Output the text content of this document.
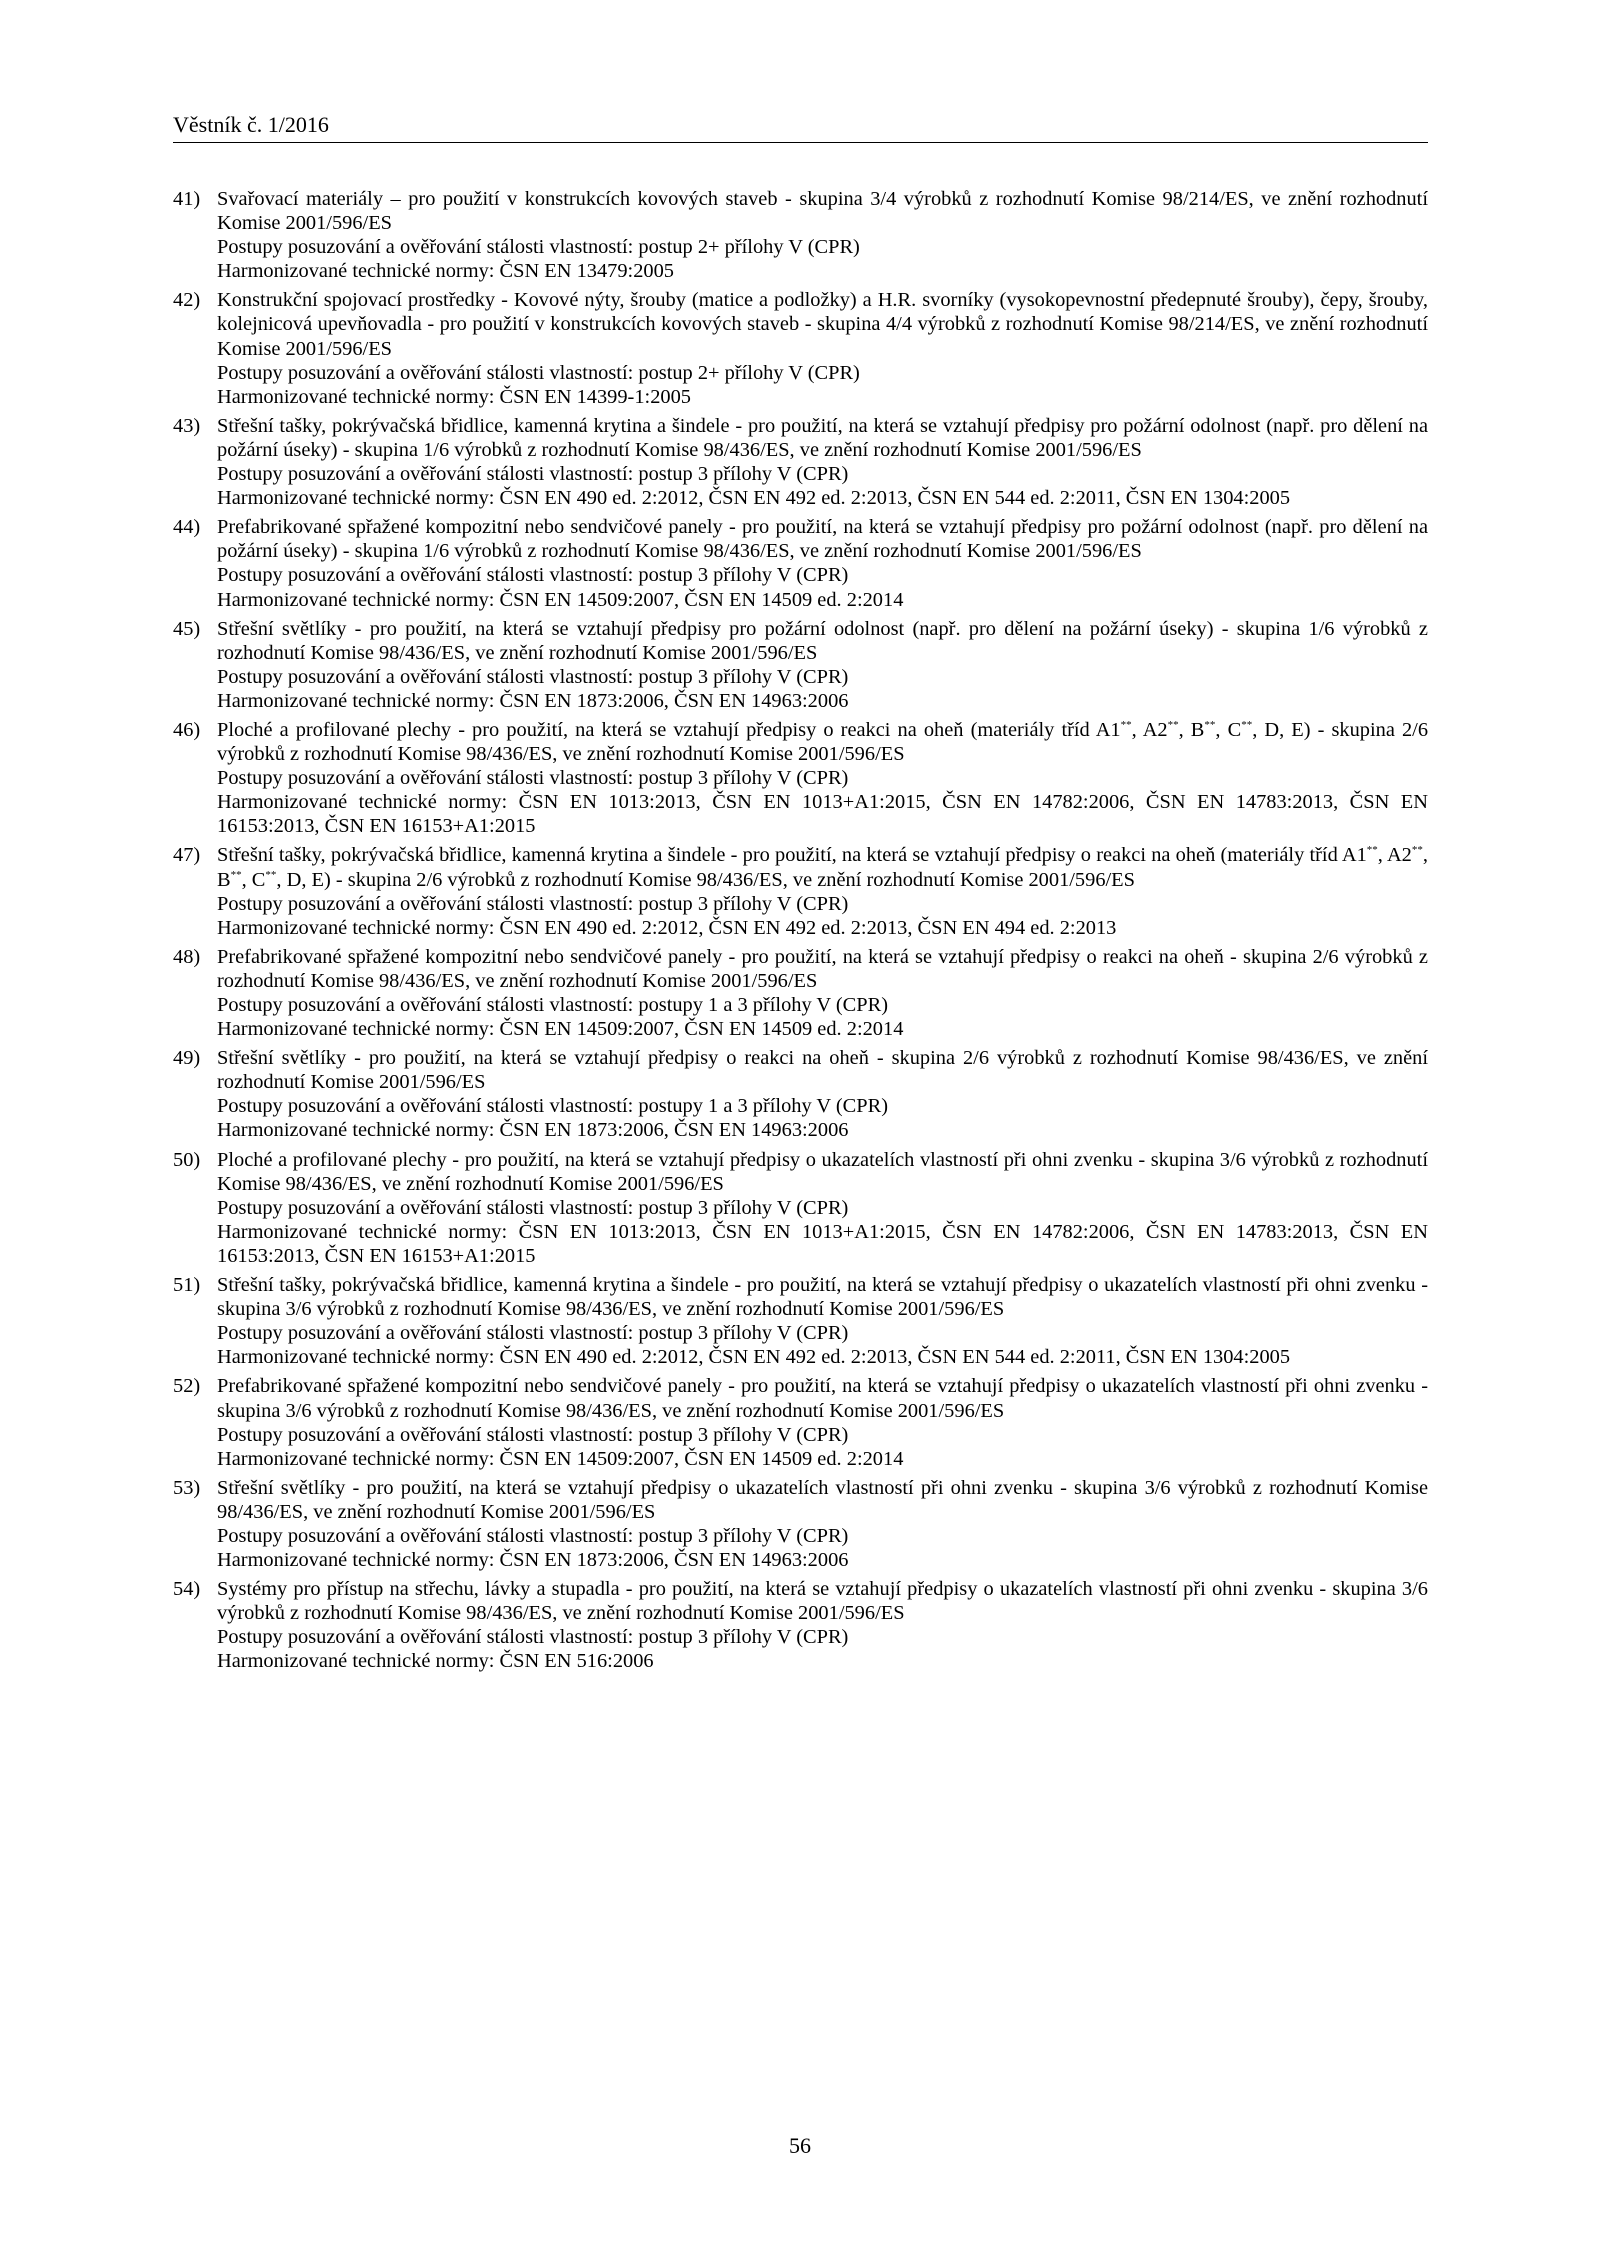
Věstník č. 1/2016
41) Svařovací materiály – pro použití v konstrukcích kovových staveb - skupina 3/4 výrobků z rozhodnutí Komise 98/214/ES, ve znění rozhodnutí Komise 2001/596/ES

Postupy posuzování a ověřování stálosti vlastností: postup 2+ přílohy V (CPR)

Harmonizované technické normy: ČSN EN 13479:2005

42) Konstrukční spojovací prostředky - Kovové nýty, šrouby (matice a podložky) a H.R. svorníky (vysokopevnostní předepnuté šrouby), čepy, šrouby, kolejnicová upevňovadla - pro použití v konstrukcích kovových staveb - skupina 4/4 výrobků z rozhodnutí Komise 98/214/ES, ve znění rozhodnutí Komise 2001/596/ES

Postupy posuzování a ověřování stálosti vlastností: postup 2+ přílohy V (CPR)

Harmonizované technické normy: ČSN EN 14399-1:2005

43) Střešní tašky, pokrývačská břidlice, kamenná krytina a šindele - pro použití, na která se vztahují předpisy pro požární odolnost (např. pro dělení na požární úseky) - skupina 1/6 výrobků z rozhodnutí Komise 98/436/ES, ve znění rozhodnutí Komise 2001/596/ES

Postupy posuzování a ověřování stálosti vlastností: postup 3 přílohy V (CPR)

Harmonizované technické normy: ČSN EN 490 ed. 2:2012, ČSN EN 492 ed. 2:2013, ČSN EN 544 ed. 2:2011, ČSN EN 1304:2005

44) Prefabrikované spřažené kompozitní nebo sendvičové panely - pro použití, na která se vztahují předpisy pro požární odolnost (např. pro dělení na požární úseky) - skupina 1/6 výrobků z rozhodnutí Komise 98/436/ES, ve znění rozhodnutí Komise 2001/596/ES

Postupy posuzování a ověřování stálosti vlastností: postup 3 přílohy V (CPR)

Harmonizované technické normy: ČSN EN 14509:2007, ČSN EN 14509 ed. 2:2014

45) Střešní světlíky - pro použití, na která se vztahují předpisy pro požární odolnost (např. pro dělení na požární úseky) - skupina 1/6 výrobků z rozhodnutí Komise 98/436/ES, ve znění rozhodnutí Komise 2001/596/ES

Postupy posuzování a ověřování stálosti vlastností: postup 3 přílohy V (CPR)

Harmonizované technické normy: ČSN EN 1873:2006, ČSN EN 14963:2006

46) Ploché a profilované plechy - pro použití, na která se vztahují předpisy o reakci na oheň (materiály tříd A1**, A2**, B**, C**, D, E) - skupina 2/6 výrobků z rozhodnutí Komise 98/436/ES, ve znění rozhodnutí Komise 2001/596/ES

Postupy posuzování a ověřování stálosti vlastností: postup 3 přílohy V (CPR)

Harmonizované technické normy: ČSN EN 1013:2013, ČSN EN 1013+A1:2015, ČSN EN 14782:2006, ČSN EN 14783:2013, ČSN EN 16153:2013, ČSN EN 16153+A1:2015

47) Střešní tašky, pokrývačská břidlice, kamenná krytina a šindele - pro použití, na která se vztahují předpisy o reakci na oheň (materiály tříd A1**, A2**, B**, C**, D, E) - skupina 2/6 výrobků z rozhodnutí Komise 98/436/ES, ve znění rozhodnutí Komise 2001/596/ES

Postupy posuzování a ověřování stálosti vlastností: postup 3 přílohy V (CPR)

Harmonizované technické normy: ČSN EN 490 ed. 2:2012, ČSN EN 492 ed. 2:2013, ČSN EN 494 ed. 2:2013

48) Prefabrikované spřažené kompozitní nebo sendvičové panely - pro použití, na která se vztahují předpisy o reakci na oheň - skupina 2/6 výrobků z rozhodnutí Komise 98/436/ES, ve znění rozhodnutí Komise 2001/596/ES

Postupy posuzování a ověřování stálosti vlastností: postupy 1 a 3 přílohy V (CPR)

Harmonizované technické normy: ČSN EN 14509:2007, ČSN EN 14509 ed. 2:2014

49) Střešní světlíky - pro použití, na která se vztahují předpisy o reakci na oheň - skupina 2/6 výrobků z rozhodnutí Komise 98/436/ES, ve znění rozhodnutí Komise 2001/596/ES

Postupy posuzování a ověřování stálosti vlastností: postupy 1 a 3 přílohy V (CPR)

Harmonizované technické normy: ČSN EN 1873:2006, ČSN EN 14963:2006

50) Ploché a profilované plechy - pro použití, na která se vztahují předpisy o ukazatelích vlastností při ohni zvenku - skupina 3/6 výrobků z rozhodnutí Komise 98/436/ES, ve znění rozhodnutí Komise 2001/596/ES

Postupy posuzování a ověřování stálosti vlastností: postup 3 přílohy V (CPR)

Harmonizované technické normy: ČSN EN 1013:2013, ČSN EN 1013+A1:2015, ČSN EN 14782:2006, ČSN EN 14783:2013, ČSN EN 16153:2013, ČSN EN 16153+A1:2015

51) Střešní tašky, pokrývačská břidlice, kamenná krytina a šindele - pro použití, na která se vztahují předpisy o ukazatelích vlastností při ohni zvenku - skupina 3/6 výrobků z rozhodnutí Komise 98/436/ES, ve znění rozhodnutí Komise 2001/596/ES

Postupy posuzování a ověřování stálosti vlastností: postup 3 přílohy V (CPR)

Harmonizované technické normy: ČSN EN 490 ed. 2:2012, ČSN EN 492 ed. 2:2013, ČSN EN 544 ed. 2:2011, ČSN EN 1304:2005

52) Prefabrikované spřažené kompozitní nebo sendvičové panely - pro použití, na která se vztahují předpisy o ukazatelích vlastností při ohni zvenku - skupina 3/6 výrobků z rozhodnutí Komise 98/436/ES, ve znění rozhodnutí Komise 2001/596/ES

Postupy posuzování a ověřování stálosti vlastností: postup 3 přílohy V (CPR)

Harmonizované technické normy: ČSN EN 14509:2007, ČSN EN 14509 ed. 2:2014

53) Střešní světlíky - pro použití, na která se vztahují předpisy o ukazatelích vlastností při ohni zvenku - skupina 3/6 výrobků z rozhodnutí Komise 98/436/ES, ve znění rozhodnutí Komise 2001/596/ES

Postupy posuzování a ověřování stálosti vlastností: postup 3 přílohy V (CPR)

Harmonizované technické normy: ČSN EN 1873:2006, ČSN EN 14963:2006

54) Systémy pro přístup na střechu, lávky a stupadla - pro použití, na která se vztahují předpisy o ukazatelích vlastností při ohni zvenku - skupina 3/6 výrobků z rozhodnutí Komise 98/436/ES, ve znění rozhodnutí Komise 2001/596/ES

Postupy posuzování a ověřování stálosti vlastností: postup 3 přílohy V (CPR)

Harmonizované technické normy: ČSN EN 516:2006

56
